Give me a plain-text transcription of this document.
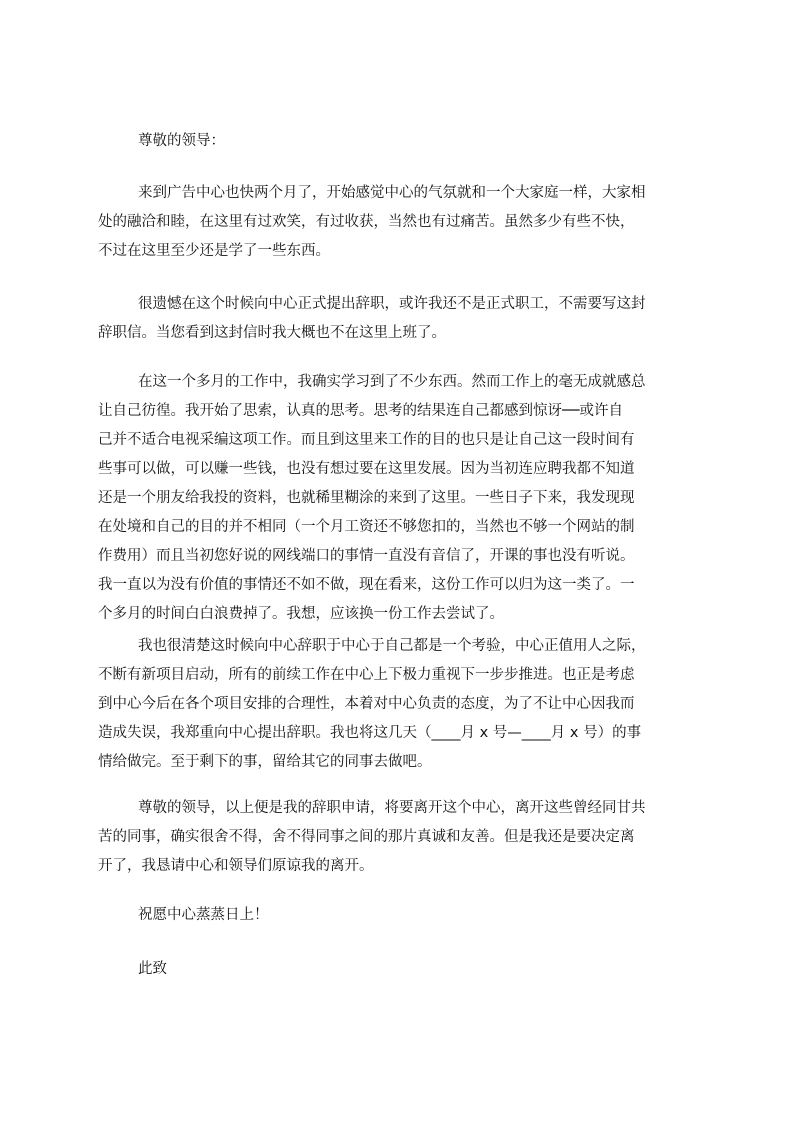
尊敬的领导：
来到广告中心也快两个月了，开始感觉中心的气氛就和一个大家庭一样，大家相
处的融洽和睦，在这里有过欢笑，有过收获，当然也有过痛苦。虽然多少有些不快，
不过在这里至少还是学了一些东西。
很遗憾在这个时候向中心正式提出辞职，或许我还不是正式职工，不需要写这封
辞职信。当您看到这封信时我大概也不在这里上班了。
在这一个多月的工作中，我确实学习到了不少东西。然而工作上的毫无成就感总
让自己彷徨。我开始了思索，认真的思考。思考的结果连自己都感到惊讶──或许自
己并不适合电视采编这项工作。而且到这里来工作的目的也只是让自己这一段时间有
些事可以做，可以赚一些钱，也没有想过要在这里发展。因为当初连应聘我都不知道
还是一个朋友给我投的资料，也就稀里糊涂的来到了这里。一些日子下来，我发现现
在处境和自己的目的并不相同（一个月工资还不够您扣的，当然也不够一个网站的制
作费用）而且当初您好说的网线端口的事情一直没有音信了，开课的事也没有听说。
我一直以为没有价值的事情还不如不做，现在看来，这份工作可以归为这一类了。一
个多月的时间白白浪费掉了。我想，应该换一份工作去尝试了。
我也很清楚这时候向中心辞职于中心于自己都是一个考验，中心正值用人之际，
不断有新项目启动，所有的前续工作在中心上下极力重视下一步步推进。也正是考虑
到中心今后在各个项目安排的合理性，本着对中心负责的态度，为了不让中心因我而
造成失误，我郑重向中心提出辞职。我也将这几天（____月 x 号—____月 x 号）的事
情给做完。至于剩下的事，留给其它的同事去做吧。
尊敬的领导，以上便是我的辞职申请，将要离开这个中心，离开这些曾经同甘共
苦的同事，确实很舍不得，舍不得同事之间的那片真诚和友善。但是我还是要决定离
开了，我恳请中心和领导们原谅我的离开。
祝愿中心蒸蒸日上！
此致
